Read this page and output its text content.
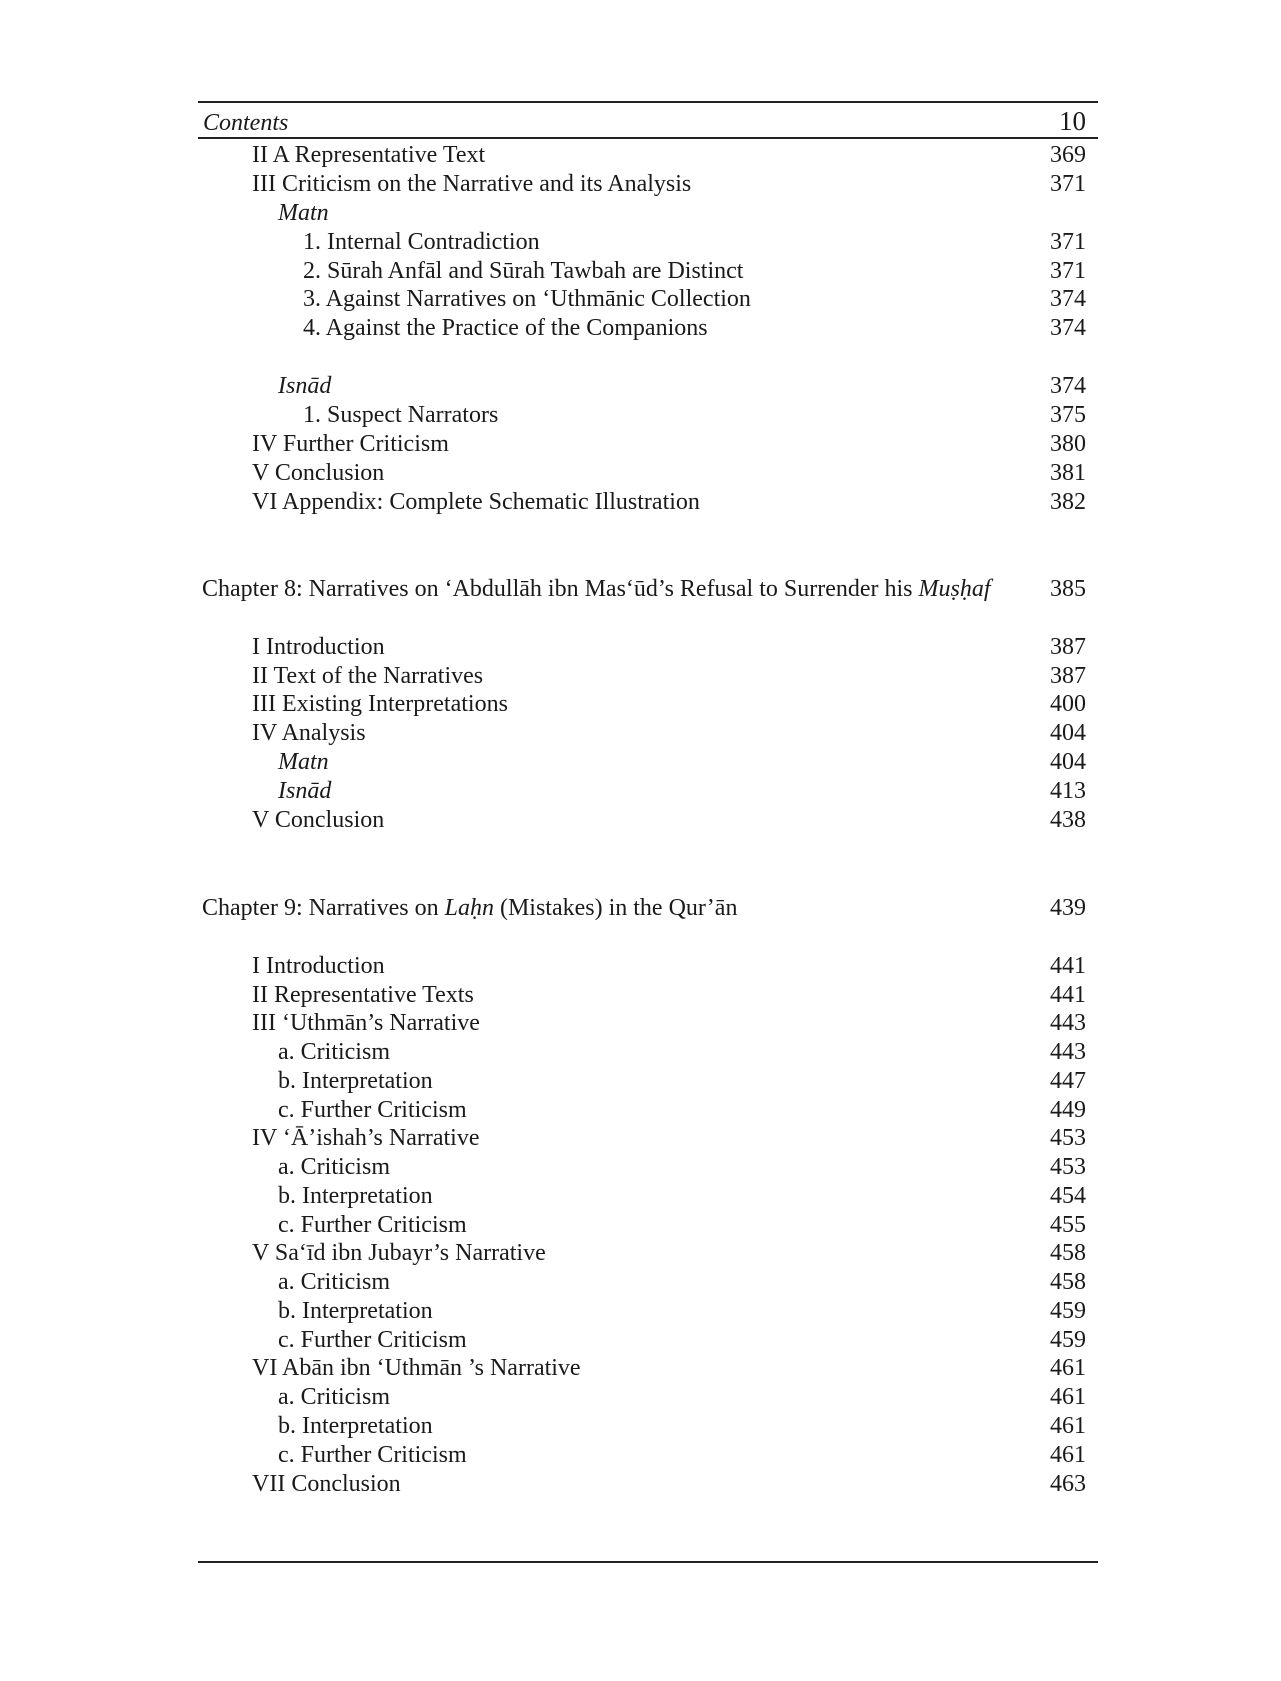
Contents	10
II A Representative Text	369
III Criticism on the Narrative and its Analysis	371
Matn
1. Internal Contradiction	371
2. Sūrah Anfāl and Sūrah Tawbah are Distinct	371
3. Against Narratives on ‘Uthmānic Collection	374
4. Against the Practice of the Companions	374
Isnād	374
1. Suspect Narrators	375
IV Further Criticism	380
V Conclusion	381
VI Appendix: Complete Schematic Illustration	382
Chapter 8: Narratives on ‘Abdullāh ibn Mas‘ūd’s Refusal to Surrender his Muṣḥaf 385
I Introduction	387
II Text of the Narratives	387
III Existing Interpretations	400
IV Analysis	404
Matn	404
Isnād	413
V Conclusion	438
Chapter 9: Narratives on Laḥn (Mistakes) in the Qur’ān	439
I Introduction	441
II Representative Texts	441
III ‘Uthmān’s Narrative	443
a. Criticism	443
b. Interpretation	447
c. Further Criticism	449
IV ‘Ā’ishah’s Narrative	453
a. Criticism	453
b. Interpretation	454
c. Further Criticism	455
V Sa‘īd ibn Jubayr’s Narrative	458
a. Criticism	458
b. Interpretation	459
c. Further Criticism	459
VI Abān ibn ‘Uthmān ’s Narrative	461
a. Criticism	461
b. Interpretation	461
c. Further Criticism	461
VII Conclusion	463
